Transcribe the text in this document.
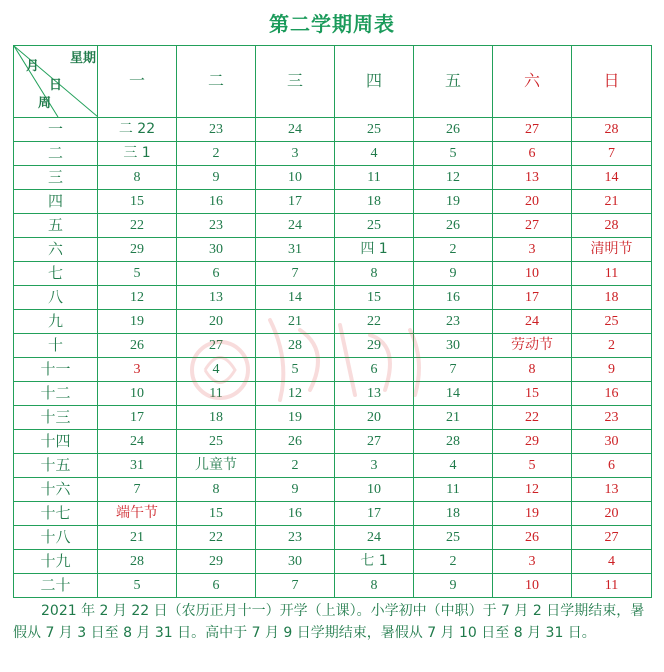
第二学期周表
月
星期
日
周	一	二	三	四	五	六	日
一	二 22	23	24	25	26	27	28
二	三 1	2	3	4	5	6	7
三	8	9	10	11	12	13	14
四	15	16	17	18	19	20	21
五	22	23	24	25	26	27	28
六	29	30	31	四 1	2	3	清明节
七	5	6	7	8	9	10	11
八	12	13	14	15	16	17	18
九	19	20	21	22	23	24	25
十	26	27	28	29	30	劳动节	2
十一	3	4	5	6	7	8	9
十二	10	11	12	13	14	15	16
十三	17	18	19	20	21	22	23
十四	24	25	26	27	28	29	30
十五	31	儿童节	2	3	4	5	6
十六	7	8	9	10	11	12	13
十七	端午节	15	16	17	18	19	20
十八	21	22	23	24	25	26	27
十九	28	29	30	七 1	2	3	4
二十	5	6	7	8	9	10	11
2021 年 2 月 22 日（农历正月十一）开学（上课）。小学初中（中职）于 7 月 2 日学期结束，暑假从 7 月 3 日至 8 月 31 日。高中于 7 月 9 日学期结束，暑假从 7 月 10 日至 8 月 31 日。
